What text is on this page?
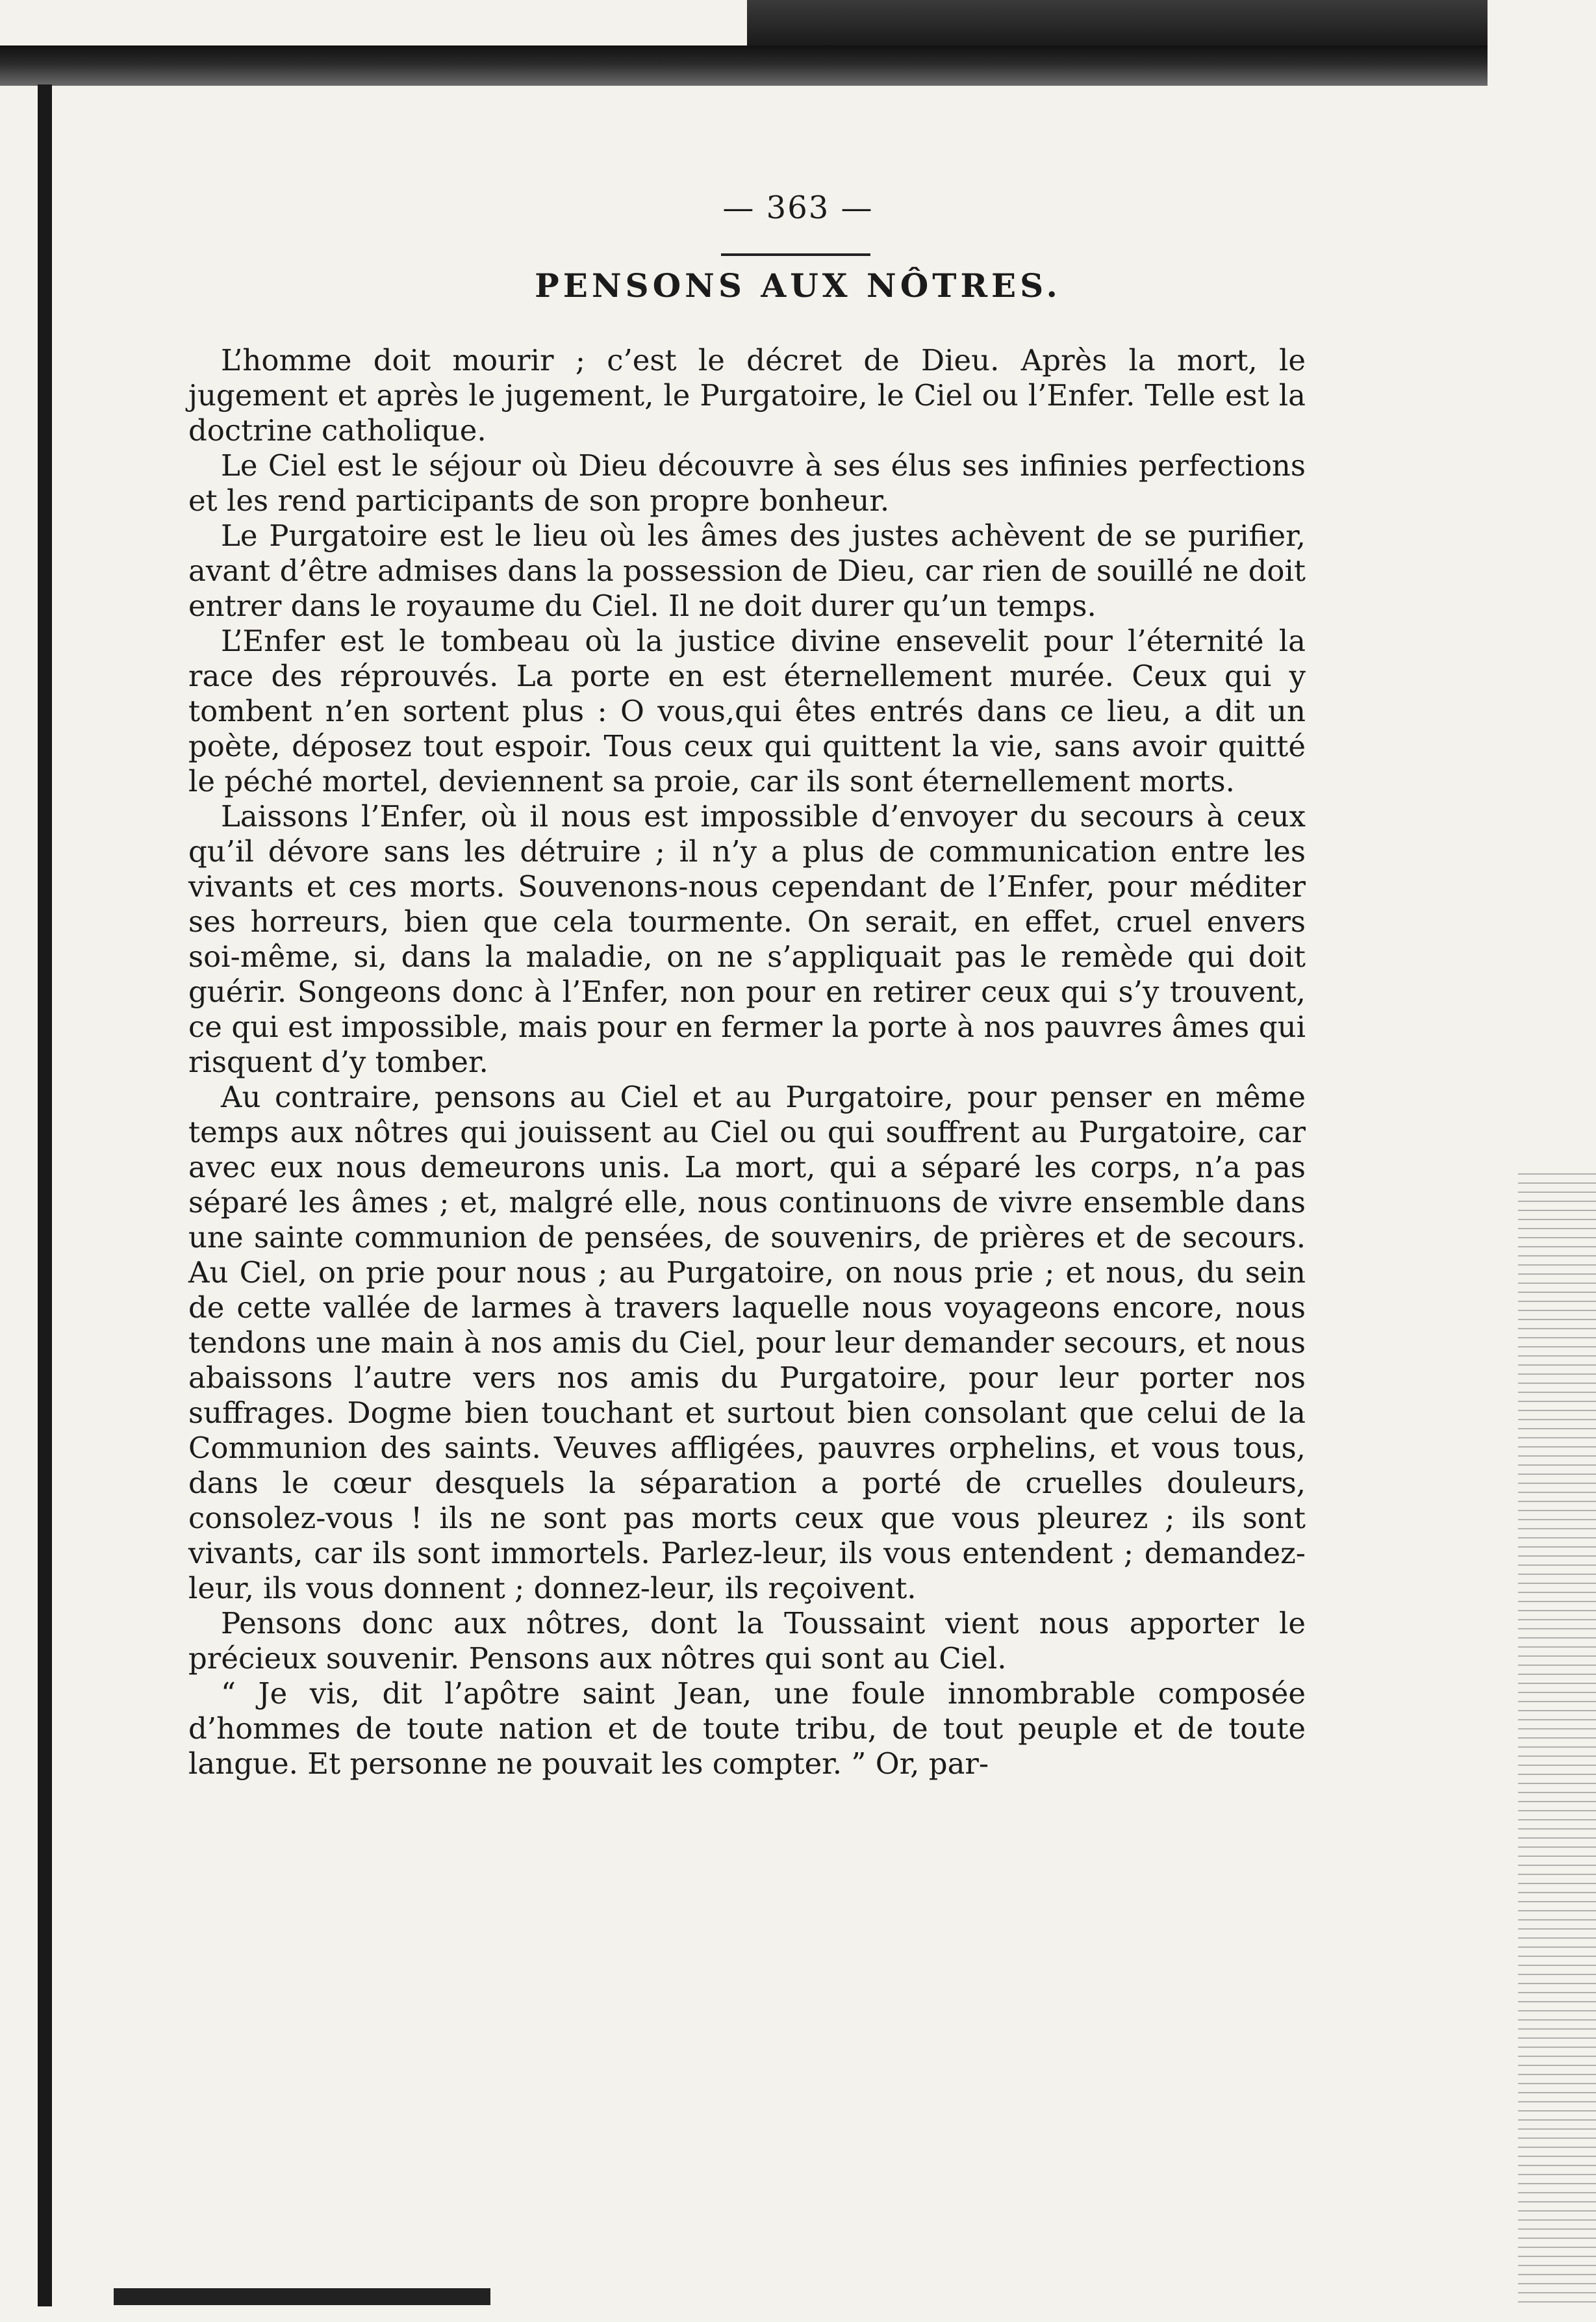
— 363 —
PENSONS AUX NÔTRES.

L’homme doit mourir ; c’est le décret de Dieu. Après la mort, le jugement et après le jugement, le Purgatoire, le Ciel ou l’Enfer. Telle est la doctrine catholique.

Le Ciel est le séjour où Dieu découvre à ses élus ses infinies perfections et les rend participants de son propre bonheur.

Le Purgatoire est le lieu où les âmes des justes achèvent de se purifier, avant d’être admises dans la possession de Dieu, car rien de souillé ne doit entrer dans le royaume du Ciel. Il ne doit durer qu’un temps.

L’Enfer est le tombeau où la justice divine ensevelit pour l’éternité la race des réprouvés. La porte en est éternellement murée. Ceux qui y tombent n’en sortent plus : O vous,qui êtes entrés dans ce lieu, a dit un poète, déposez tout espoir. Tous ceux qui quittent la vie, sans avoir quitté le péché mortel, deviennent sa proie, car ils sont éternellement morts.

Laissons l’Enfer, où il nous est impossible d’envoyer du secours à ceux qu’il dévore sans les détruire ; il n’y a plus de communication entre les vivants et ces morts. Souvenons-nous cependant de l’Enfer, pour méditer ses horreurs, bien que cela tourmente. On serait, en effet, cruel envers soi-même, si, dans la maladie, on ne s’appliquait pas le remède qui doit guérir. Songeons donc à l’Enfer, non pour en retirer ceux qui s’y trouvent, ce qui est impossible, mais pour en fermer la porte à nos pauvres âmes qui risquent d’y tomber.

Au contraire, pensons au Ciel et au Purgatoire, pour penser en même temps aux nôtres qui jouissent au Ciel ou qui souffrent au Purgatoire, car avec eux nous demeurons unis. La mort, qui a séparé les corps, n’a pas séparé les âmes ; et, malgré elle, nous continuons de vivre ensemble dans une sainte communion de pensées, de souvenirs, de prières et de secours. Au Ciel, on prie pour nous ; au Purgatoire, on nous prie ; et nous, du sein de cette vallée de larmes à travers laquelle nous voyageons encore, nous tendons une main à nos amis du Ciel, pour leur demander secours, et nous abaissons l’autre vers nos amis du Purgatoire, pour leur porter nos suffrages. Dogme bien touchant et surtout bien consolant que celui de la Communion des saints. Veuves affligées, pauvres orphelins, et vous tous, dans le cœur desquels la séparation a porté de cruelles douleurs, consolez-vous ! ils ne sont pas morts ceux que vous pleurez ; ils sont vivants, car ils sont immortels. Parlez-leur, ils vous entendent ; demandez-leur, ils vous donnent ; donnez-leur, ils reçoivent.

Pensons donc aux nôtres, dont la Toussaint vient nous apporter le précieux souvenir. Pensons aux nôtres qui sont au Ciel.

“ Je vis, dit l’apôtre saint Jean, une foule innombrable composée d’hommes de toute nation et de toute tribu, de tout peuple et de toute langue. Et personne ne pouvait les compter. ” Or, par-
